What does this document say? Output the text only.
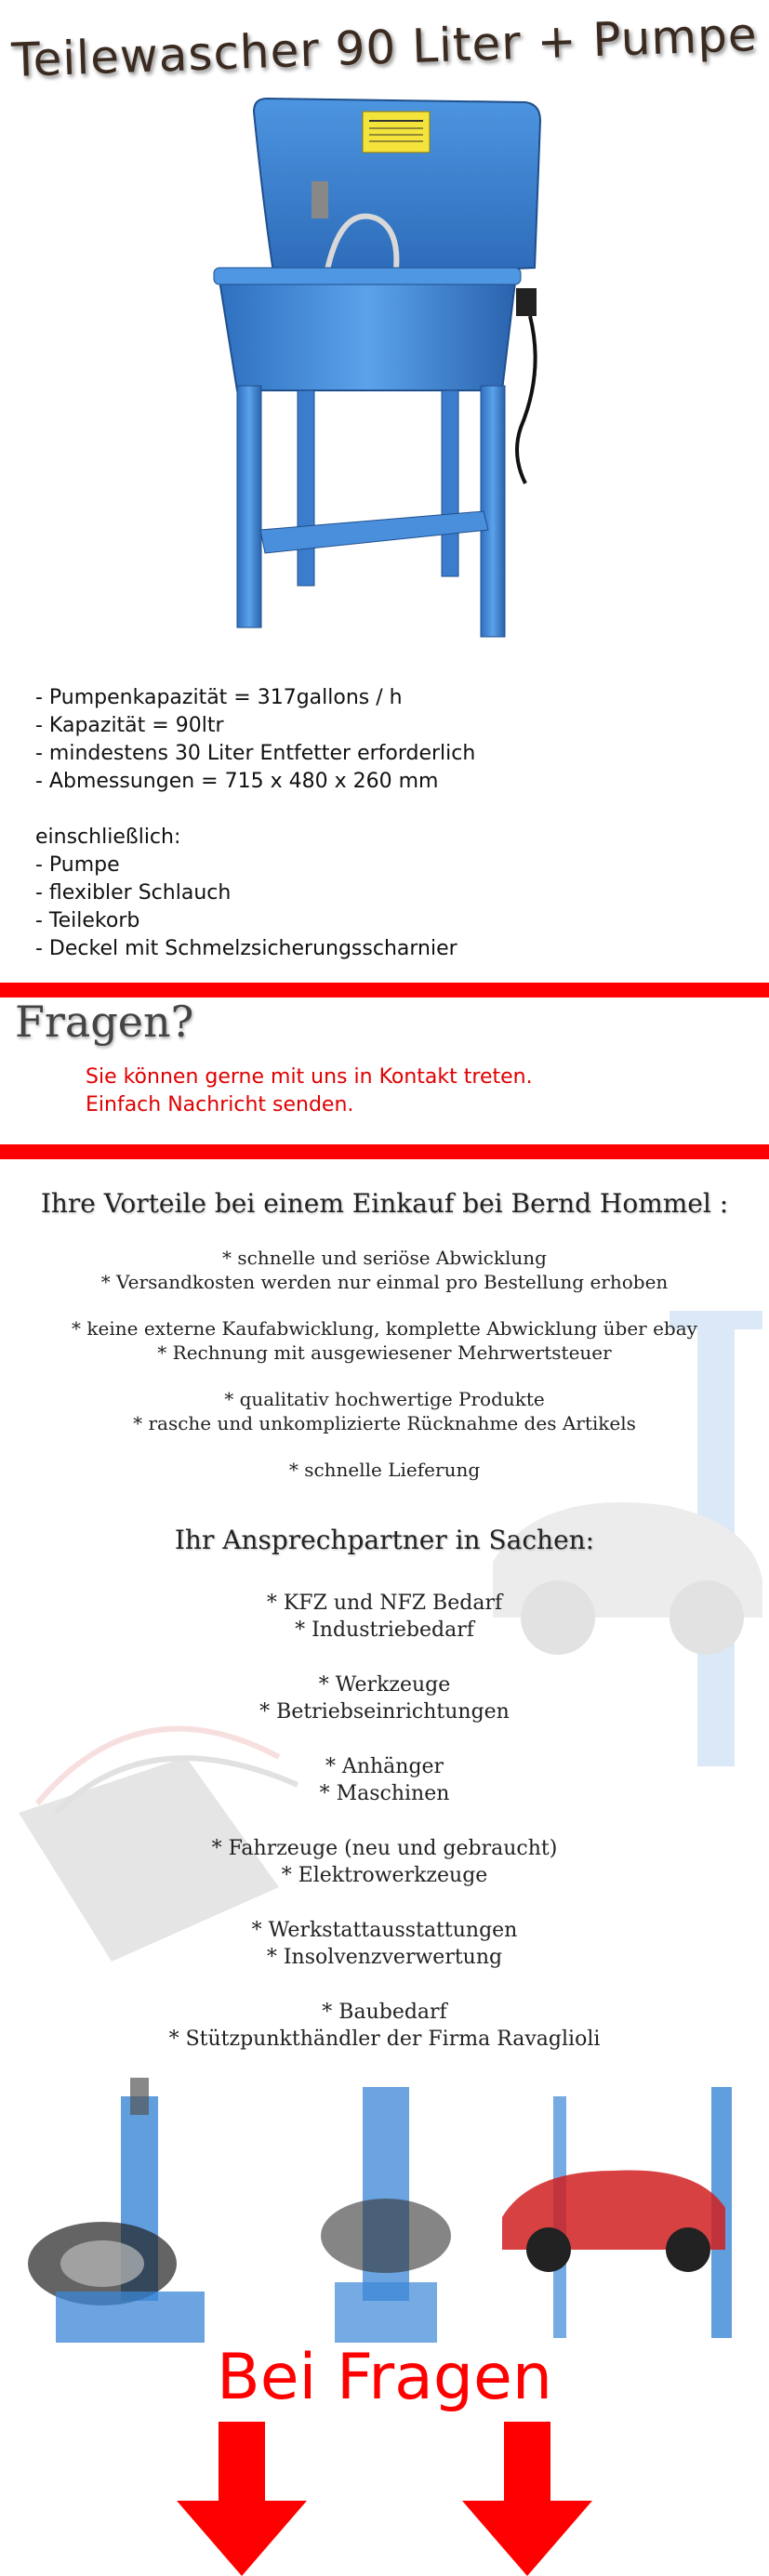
Teilewascher 90 Liter + Pumpe
- Pumpenkapazität = 317gallons / h
- Kapazität = 90ltr
- mindestens 30 Liter Entfetter erforderlich
- Abmessungen = 715 x 480 x 260 mm
einschließlich:
- Pumpe
- flexibler Schlauch
- Teilekorb
- Deckel mit Schmelzsicherungsscharnier
Fragen?
Sie können gerne mit uns in Kontakt treten.
Einfach Nachricht senden.
Ihre Vorteile bei einem Einkauf bei Bernd Hommel :
* schnelle und seriöse Abwicklung
* Versandkosten werden nur einmal pro Bestellung erhoben
* keine externe Kaufabwicklung, komplette Abwicklung über ebay
* Rechnung mit ausgewiesener Mehrwertsteuer
* qualitativ hochwertige Produkte
* rasche und unkomplizierte Rücknahme des Artikels
* schnelle Lieferung
Ihr Ansprechpartner in Sachen:
* KFZ und NFZ Bedarf
* Industriebedarf
* Werkzeuge
* Betriebseinrichtungen
* Anhänger
* Maschinen
* Fahrzeuge (neu und gebraucht)
* Elektrowerkzeuge
* Werkstattausstattungen
* Insolvenzverwertung
* Baubedarf
* Stützpunkthändler der Firma Ravaglioli
Bei Fragen
